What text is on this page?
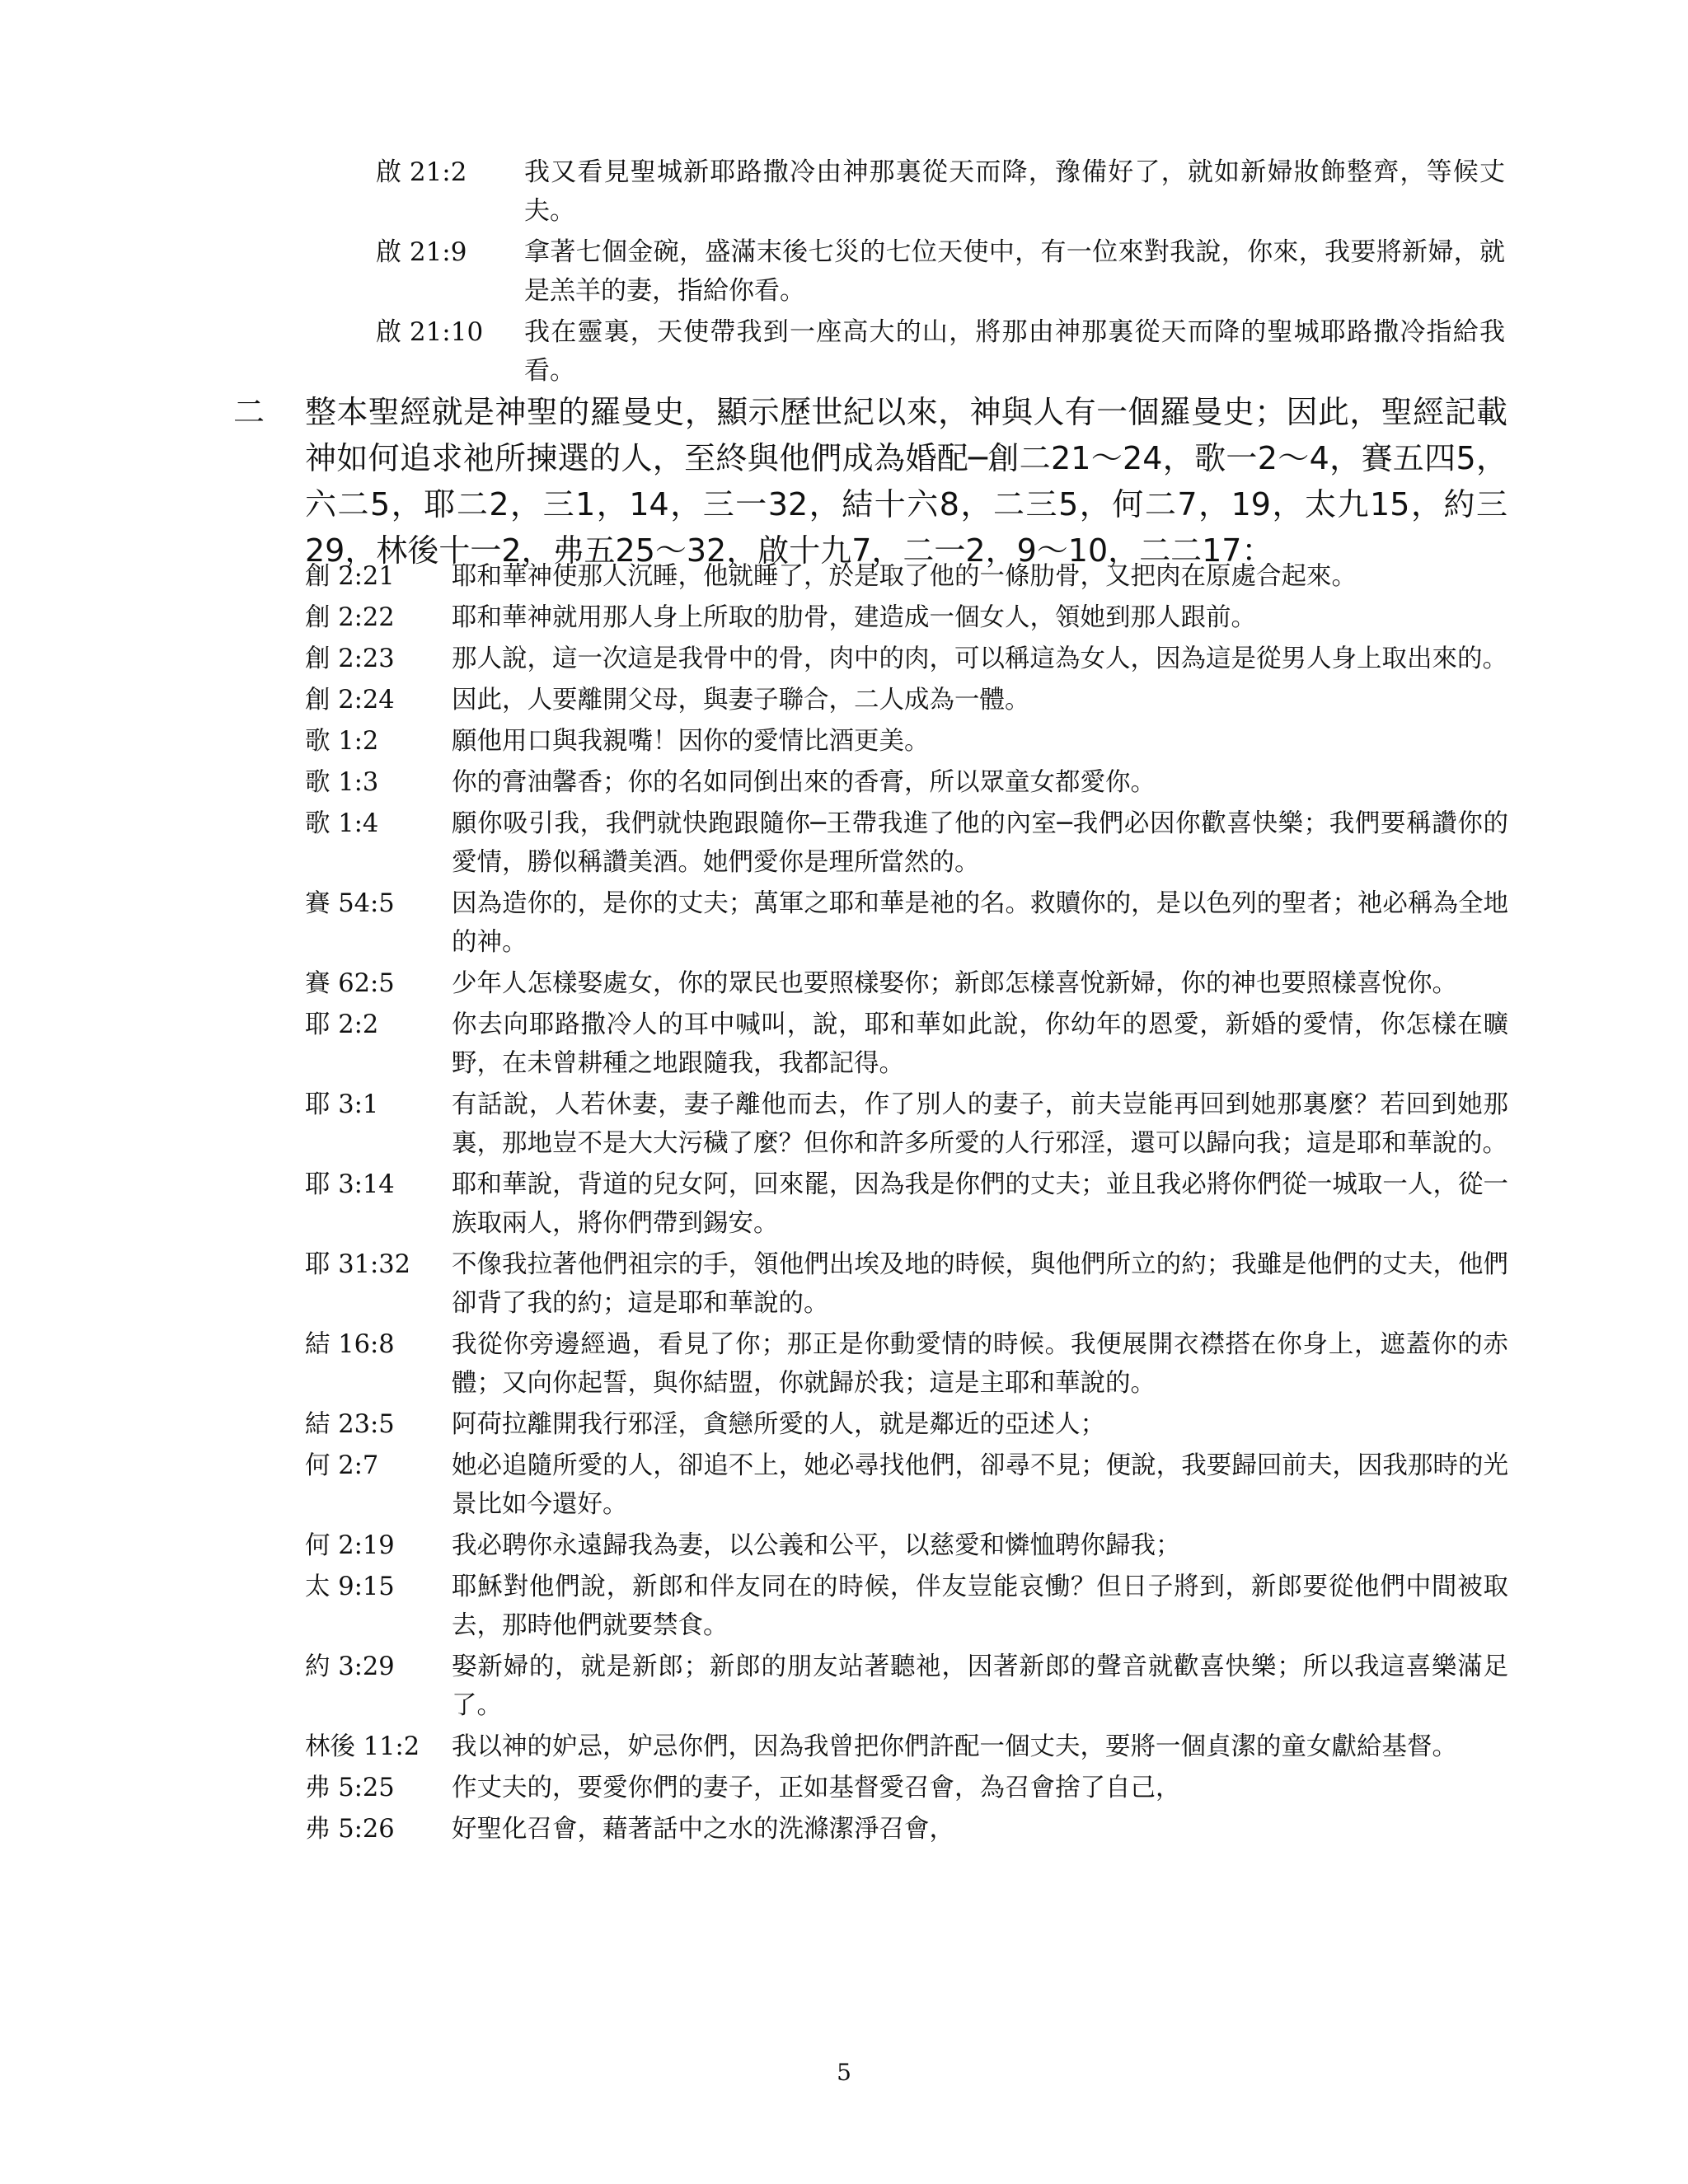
啟 21:2	我又看見聖城新耶路撒冷由神那裏從天而降，豫備好了，就如新婦妝飾整齊，等候丈夫。
啟 21:9	拿著七個金碗，盛滿末後七災的七位天使中，有一位來對我說，你來，我要將新婦，就是羔羊的妻，指給你看。
啟 21:10	我在靈裏，天使帶我到一座高大的山，將那由神那裏從天而降的聖城耶路撒冷指給我看。
二	整本聖經就是神聖的羅曼史，顯示歷世紀以來，神與人有一個羅曼史；因此，聖經記載神如何追求祂所揀選的人，至終與他們成為婚配─創二21～24，歌一2～4，賽五四5，六二5，耶二2，三1，14，三一32，結十六8，二三5，何二7，19，太九15，約三29，林後十一2，弗五25～32，啟十九7，二一2，9～10，二二17：
創 2:21	耶和華神使那人沉睡，他就睡了，於是取了他的一條肋骨，又把肉在原處合起來。
創 2:22	耶和華神就用那人身上所取的肋骨，建造成一個女人，領她到那人跟前。
創 2:23	那人說，這一次這是我骨中的骨，肉中的肉，可以稱這為女人，因為這是從男人身上取出來的。
創 2:24	因此，人要離開父母，與妻子聯合，二人成為一體。
歌 1:2	願他用口與我親嘴！因你的愛情比酒更美。
歌 1:3	你的膏油馨香；你的名如同倒出來的香膏，所以眾童女都愛你。
歌 1:4	願你吸引我，我們就快跑跟隨你─王帶我進了他的內室─我們必因你歡喜快樂；我們要稱讚你的愛情，勝似稱讚美酒。她們愛你是理所當然的。
賽 54:5	因為造你的，是你的丈夫；萬軍之耶和華是祂的名。救贖你的，是以色列的聖者；祂必稱為全地的神。
賽 62:5	少年人怎樣娶處女，你的眾民也要照樣娶你；新郎怎樣喜悅新婦，你的神也要照樣喜悅你。
耶 2:2	你去向耶路撒冷人的耳中喊叫，說，耶和華如此說，你幼年的恩愛，新婚的愛情，你怎樣在曠野，在未曾耕種之地跟隨我，我都記得。
耶 3:1	有話說，人若休妻，妻子離他而去，作了別人的妻子，前夫豈能再回到她那裏麼？若回到她那裏，那地豈不是大大污穢了麼？但你和許多所愛的人行邪淫，還可以歸向我；這是耶和華說的。
耶 3:14	耶和華說，背道的兒女阿，回來罷，因為我是你們的丈夫；並且我必將你們從一城取一人，從一族取兩人，將你們帶到錫安。
耶 31:32	不像我拉著他們祖宗的手，領他們出埃及地的時候，與他們所立的約；我雖是他們的丈夫，他們卻背了我的約；這是耶和華說的。
結 16:8	我從你旁邊經過，看見了你；那正是你動愛情的時候。我便展開衣襟搭在你身上，遮蓋你的赤體；又向你起誓，與你結盟，你就歸於我；這是主耶和華說的。
結 23:5	阿荷拉離開我行邪淫，貪戀所愛的人，就是鄰近的亞述人；
何 2:7	她必追隨所愛的人，卻追不上，她必尋找他們，卻尋不見；便說，我要歸回前夫，因我那時的光景比如今還好。
何 2:19	我必聘你永遠歸我為妻，以公義和公平，以慈愛和憐恤聘你歸我；
太 9:15	耶穌對他們說，新郎和伴友同在的時候，伴友豈能哀慟？但日子將到，新郎要從他們中間被取去，那時他們就要禁食。
約 3:29	娶新婦的，就是新郎；新郎的朋友站著聽祂，因著新郎的聲音就歡喜快樂；所以我這喜樂滿足了。
林後 11:2	我以神的妒忌，妒忌你們，因為我曾把你們許配一個丈夫，要將一個貞潔的童女獻給基督。
弗 5:25	作丈夫的，要愛你們的妻子，正如基督愛召會，為召會捨了自己，
弗 5:26	好聖化召會，藉著話中之水的洗滌潔淨召會，
5
